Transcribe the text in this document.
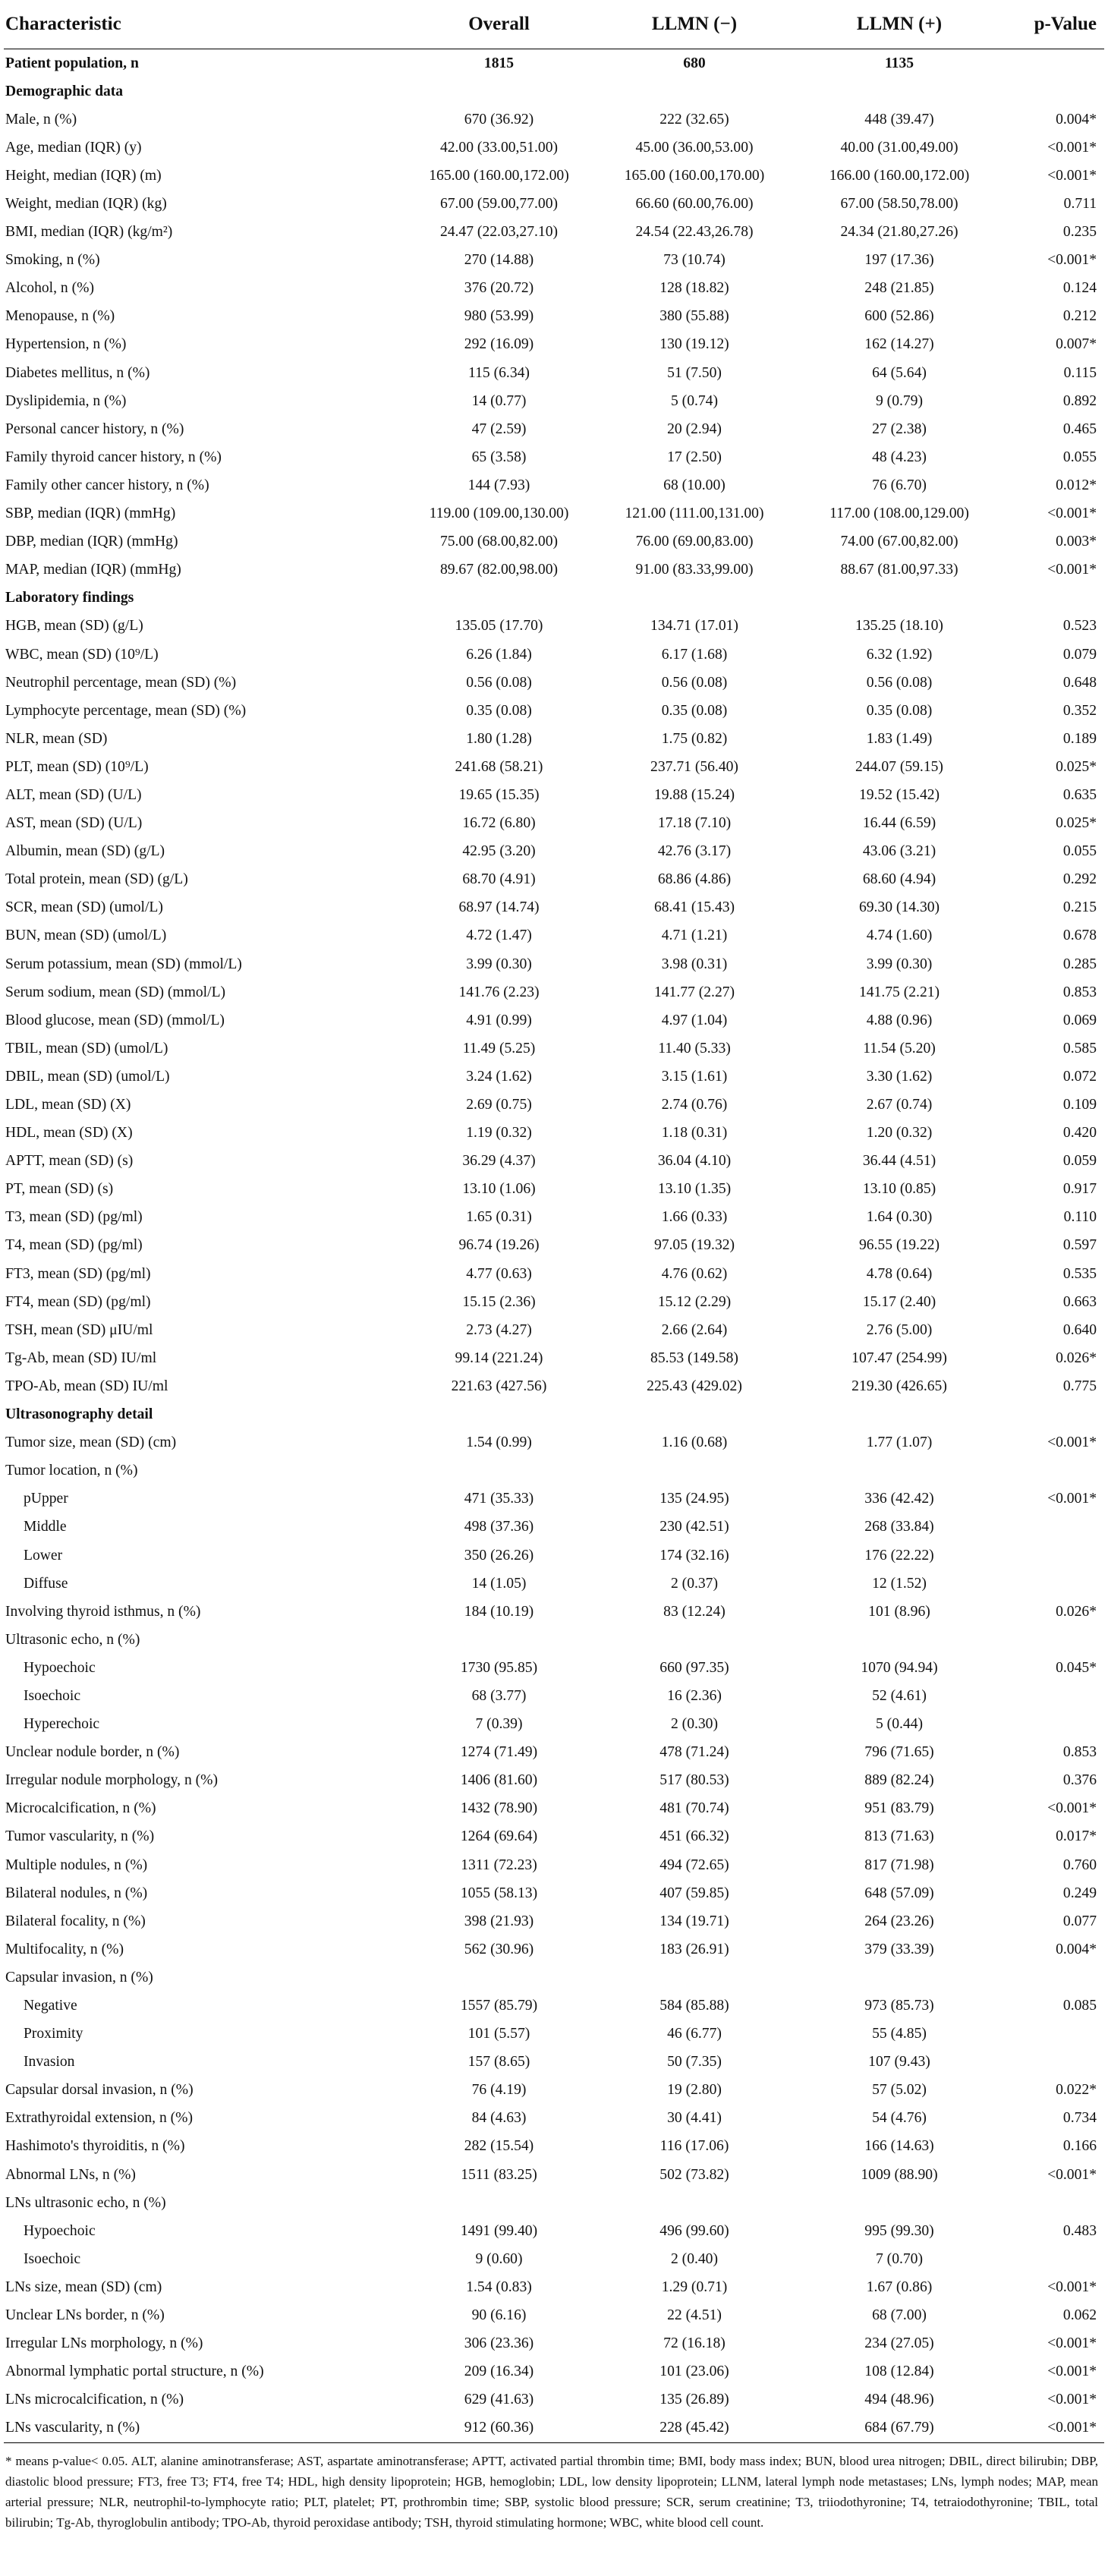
Characteristic	Overall	LLMN (−)	LLMN (+)	p-Value
Patient population, n	1815	680	1135	
Demographic data				
Male, n (%)	670 (36.92)	222 (32.65)	448 (39.47)	0.004*
Age, median (IQR) (y)	42.00 (33.00,51.00)	45.00 (36.00,53.00)	40.00 (31.00,49.00)	<0.001*
Height, median (IQR) (m)	165.00 (160.00,172.00)	165.00 (160.00,170.00)	166.00 (160.00,172.00)	<0.001*
Weight, median (IQR) (kg)	67.00 (59.00,77.00)	66.60 (60.00,76.00)	67.00 (58.50,78.00)	0.711
BMI, median (IQR) (kg/m²)	24.47 (22.03,27.10)	24.54 (22.43,26.78)	24.34 (21.80,27.26)	0.235
Smoking, n (%)	270 (14.88)	73 (10.74)	197 (17.36)	<0.001*
Alcohol, n (%)	376 (20.72)	128 (18.82)	248 (21.85)	0.124
Menopause, n (%)	980 (53.99)	380 (55.88)	600 (52.86)	0.212
Hypertension, n (%)	292 (16.09)	130 (19.12)	162 (14.27)	0.007*
Diabetes mellitus, n (%)	115 (6.34)	51 (7.50)	64 (5.64)	0.115
Dyslipidemia, n (%)	14 (0.77)	5 (0.74)	9 (0.79)	0.892
Personal cancer history, n (%)	47 (2.59)	20 (2.94)	27 (2.38)	0.465
Family thyroid cancer history, n (%)	65 (3.58)	17 (2.50)	48 (4.23)	0.055
Family other cancer history, n (%)	144 (7.93)	68 (10.00)	76 (6.70)	0.012*
SBP, median (IQR) (mmHg)	119.00 (109.00,130.00)	121.00 (111.00,131.00)	117.00 (108.00,129.00)	<0.001*
DBP, median (IQR) (mmHg)	75.00 (68.00,82.00)	76.00 (69.00,83.00)	74.00 (67.00,82.00)	0.003*
MAP, median (IQR) (mmHg)	89.67 (82.00,98.00)	91.00 (83.33,99.00)	88.67 (81.00,97.33)	<0.001*
Laboratory findings				
HGB, mean (SD) (g/L)	135.05 (17.70)	134.71 (17.01)	135.25 (18.10)	0.523
WBC, mean (SD) (10⁹/L)	6.26 (1.84)	6.17 (1.68)	6.32 (1.92)	0.079
Neutrophil percentage, mean (SD) (%)	0.56 (0.08)	0.56 (0.08)	0.56 (0.08)	0.648
Lymphocyte percentage, mean (SD) (%)	0.35 (0.08)	0.35 (0.08)	0.35 (0.08)	0.352
NLR, mean (SD)	1.80 (1.28)	1.75 (0.82)	1.83 (1.49)	0.189
PLT, mean (SD) (10⁹/L)	241.68 (58.21)	237.71 (56.40)	244.07 (59.15)	0.025*
ALT, mean (SD) (U/L)	19.65 (15.35)	19.88 (15.24)	19.52 (15.42)	0.635
AST, mean (SD) (U/L)	16.72 (6.80)	17.18 (7.10)	16.44 (6.59)	0.025*
Albumin, mean (SD) (g/L)	42.95 (3.20)	42.76 (3.17)	43.06 (3.21)	0.055
Total protein, mean (SD) (g/L)	68.70 (4.91)	68.86 (4.86)	68.60 (4.94)	0.292
SCR, mean (SD) (umol/L)	68.97 (14.74)	68.41 (15.43)	69.30 (14.30)	0.215
BUN, mean (SD) (umol/L)	4.72 (1.47)	4.71 (1.21)	4.74 (1.60)	0.678
Serum potassium, mean (SD) (mmol/L)	3.99 (0.30)	3.98 (0.31)	3.99 (0.30)	0.285
Serum sodium, mean (SD) (mmol/L)	141.76 (2.23)	141.77 (2.27)	141.75 (2.21)	0.853
Blood glucose, mean (SD) (mmol/L)	4.91 (0.99)	4.97 (1.04)	4.88 (0.96)	0.069
TBIL, mean (SD) (umol/L)	11.49 (5.25)	11.40 (5.33)	11.54 (5.20)	0.585
DBIL, mean (SD) (umol/L)	3.24 (1.62)	3.15 (1.61)	3.30 (1.62)	0.072
LDL, mean (SD) (X)	2.69 (0.75)	2.74 (0.76)	2.67 (0.74)	0.109
HDL, mean (SD) (X)	1.19 (0.32)	1.18 (0.31)	1.20 (0.32)	0.420
APTT, mean (SD) (s)	36.29 (4.37)	36.04 (4.10)	36.44 (4.51)	0.059
PT, mean (SD) (s)	13.10 (1.06)	13.10 (1.35)	13.10 (0.85)	0.917
T3, mean (SD) (pg/ml)	1.65 (0.31)	1.66 (0.33)	1.64 (0.30)	0.110
T4, mean (SD) (pg/ml)	96.74 (19.26)	97.05 (19.32)	96.55 (19.22)	0.597
FT3, mean (SD) (pg/ml)	4.77 (0.63)	4.76 (0.62)	4.78 (0.64)	0.535
FT4, mean (SD) (pg/ml)	15.15 (2.36)	15.12 (2.29)	15.17 (2.40)	0.663
TSH, mean (SD) μIU/ml	2.73 (4.27)	2.66 (2.64)	2.76 (5.00)	0.640
Tg-Ab, mean (SD) IU/ml	99.14 (221.24)	85.53 (149.58)	107.47 (254.99)	0.026*
TPO-Ab, mean (SD) IU/ml	221.63 (427.56)	225.43 (429.02)	219.30 (426.65)	0.775
Ultrasonography detail				
Tumor size, mean (SD) (cm)	1.54 (0.99)	1.16 (0.68)	1.77 (1.07)	<0.001*
Tumor location, n (%)				
pUpper	471 (35.33)	135 (24.95)	336 (42.42)	<0.001*
Middle	498 (37.36)	230 (42.51)	268 (33.84)	
Lower	350 (26.26)	174 (32.16)	176 (22.22)	
Diffuse	14 (1.05)	2 (0.37)	12 (1.52)	
Involving thyroid isthmus, n (%)	184 (10.19)	83 (12.24)	101 (8.96)	0.026*
Ultrasonic echo, n (%)				
Hypoechoic	1730 (95.85)	660 (97.35)	1070 (94.94)	0.045*
Isoechoic	68 (3.77)	16 (2.36)	52 (4.61)	
Hyperechoic	7 (0.39)	2 (0.30)	5 (0.44)	
Unclear nodule border, n (%)	1274 (71.49)	478 (71.24)	796 (71.65)	0.853
Irregular nodule morphology, n (%)	1406 (81.60)	517 (80.53)	889 (82.24)	0.376
Microcalcification, n (%)	1432 (78.90)	481 (70.74)	951 (83.79)	<0.001*
Tumor vascularity, n (%)	1264 (69.64)	451 (66.32)	813 (71.63)	0.017*
Multiple nodules, n (%)	1311 (72.23)	494 (72.65)	817 (71.98)	0.760
Bilateral nodules, n (%)	1055 (58.13)	407 (59.85)	648 (57.09)	0.249
Bilateral focality, n (%)	398 (21.93)	134 (19.71)	264 (23.26)	0.077
Multifocality, n (%)	562 (30.96)	183 (26.91)	379 (33.39)	0.004*
Capsular invasion, n (%)				
Negative	1557 (85.79)	584 (85.88)	973 (85.73)	0.085
Proximity	101 (5.57)	46 (6.77)	55 (4.85)	
Invasion	157 (8.65)	50 (7.35)	107 (9.43)	
Capsular dorsal invasion, n (%)	76 (4.19)	19 (2.80)	57 (5.02)	0.022*
Extrathyroidal extension, n (%)	84 (4.63)	30 (4.41)	54 (4.76)	0.734
Hashimoto's thyroiditis, n (%)	282 (15.54)	116 (17.06)	166 (14.63)	0.166
Abnormal LNs, n (%)	1511 (83.25)	502 (73.82)	1009 (88.90)	<0.001*
LNs ultrasonic echo, n (%)				
Hypoechoic	1491 (99.40)	496 (99.60)	995 (99.30)	0.483
Isoechoic	9 (0.60)	2 (0.40)	7 (0.70)	
LNs size, mean (SD) (cm)	1.54 (0.83)	1.29 (0.71)	1.67 (0.86)	<0.001*
Unclear LNs border, n (%)	90 (6.16)	22 (4.51)	68 (7.00)	0.062
Irregular LNs morphology, n (%)	306 (23.36)	72 (16.18)	234 (27.05)	<0.001*
Abnormal lymphatic portal structure, n (%)	209 (16.34)	101 (23.06)	108 (12.84)	<0.001*
LNs microcalcification, n (%)	629 (41.63)	135 (26.89)	494 (48.96)	<0.001*
LNs vascularity, n (%)	912 (60.36)	228 (45.42)	684 (67.79)	<0.001*
* means p-value< 0.05. ALT, alanine aminotransferase; AST, aspartate aminotransferase; APTT, activated partial thrombin time; BMI, body mass index; BUN, blood urea nitrogen; DBIL, direct bilirubin; DBP, diastolic blood pressure; FT3, free T3; FT4, free T4; HDL, high density lipoprotein; HGB, hemoglobin; LDL, low density lipoprotein; LLNM, lateral lymph node metastases; LNs, lymph nodes; MAP, mean arterial pressure; NLR, neutrophil-to-lymphocyte ratio; PLT, platelet; PT, prothrombin time; SBP, systolic blood pressure; SCR, serum creatinine; T3, triiodothyronine; T4, tetraiodothyronine; TBIL, total bilirubin; Tg-Ab, thyroglobulin antibody; TPO-Ab, thyroid peroxidase antibody; TSH, thyroid stimulating hormone; WBC, white blood cell count.
